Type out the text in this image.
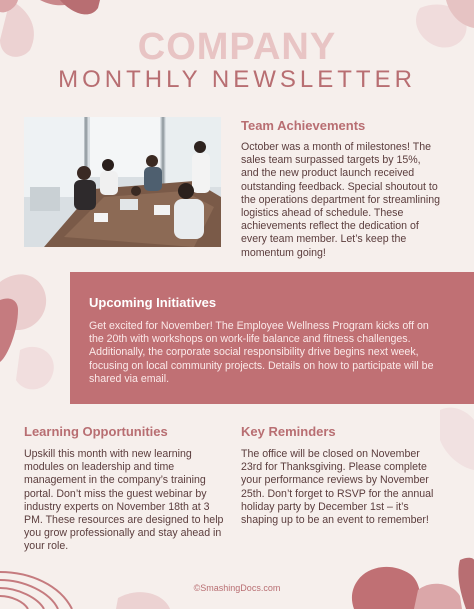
COMPANY
MONTHLY NEWSLETTER
Team Achievements
October was a month of milestones! The sales team surpassed targets by 15%, and the new product launch received outstanding feedback. Special shoutout to the operations department for streamlining logistics ahead of schedule. These achievements reflect the dedication of every team member. Let’s keep the momentum going!
Upcoming Initiatives
Get excited for November! The Employee Wellness Program kicks off on the 20th with workshops on work-life balance and fitness challenges. Additionally, the corporate social responsibility drive begins next week, focusing on local community projects. Details on how to participate will be shared via email.
Learning Opportunities
Upskill this month with new learning modules on leadership and time management in the company’s training portal. Don’t miss the guest webinar by industry experts on November 18th at 3 PM. These resources are designed to help you grow professionally and stay ahead in your role.
Key Reminders
The office will be closed on November 23rd for Thanksgiving. Please complete your performance reviews by November 25th. Don’t forget to RSVP for the annual holiday party by December 1st – it’s shaping up to be an event to remember!
©SmashingDocs.com
